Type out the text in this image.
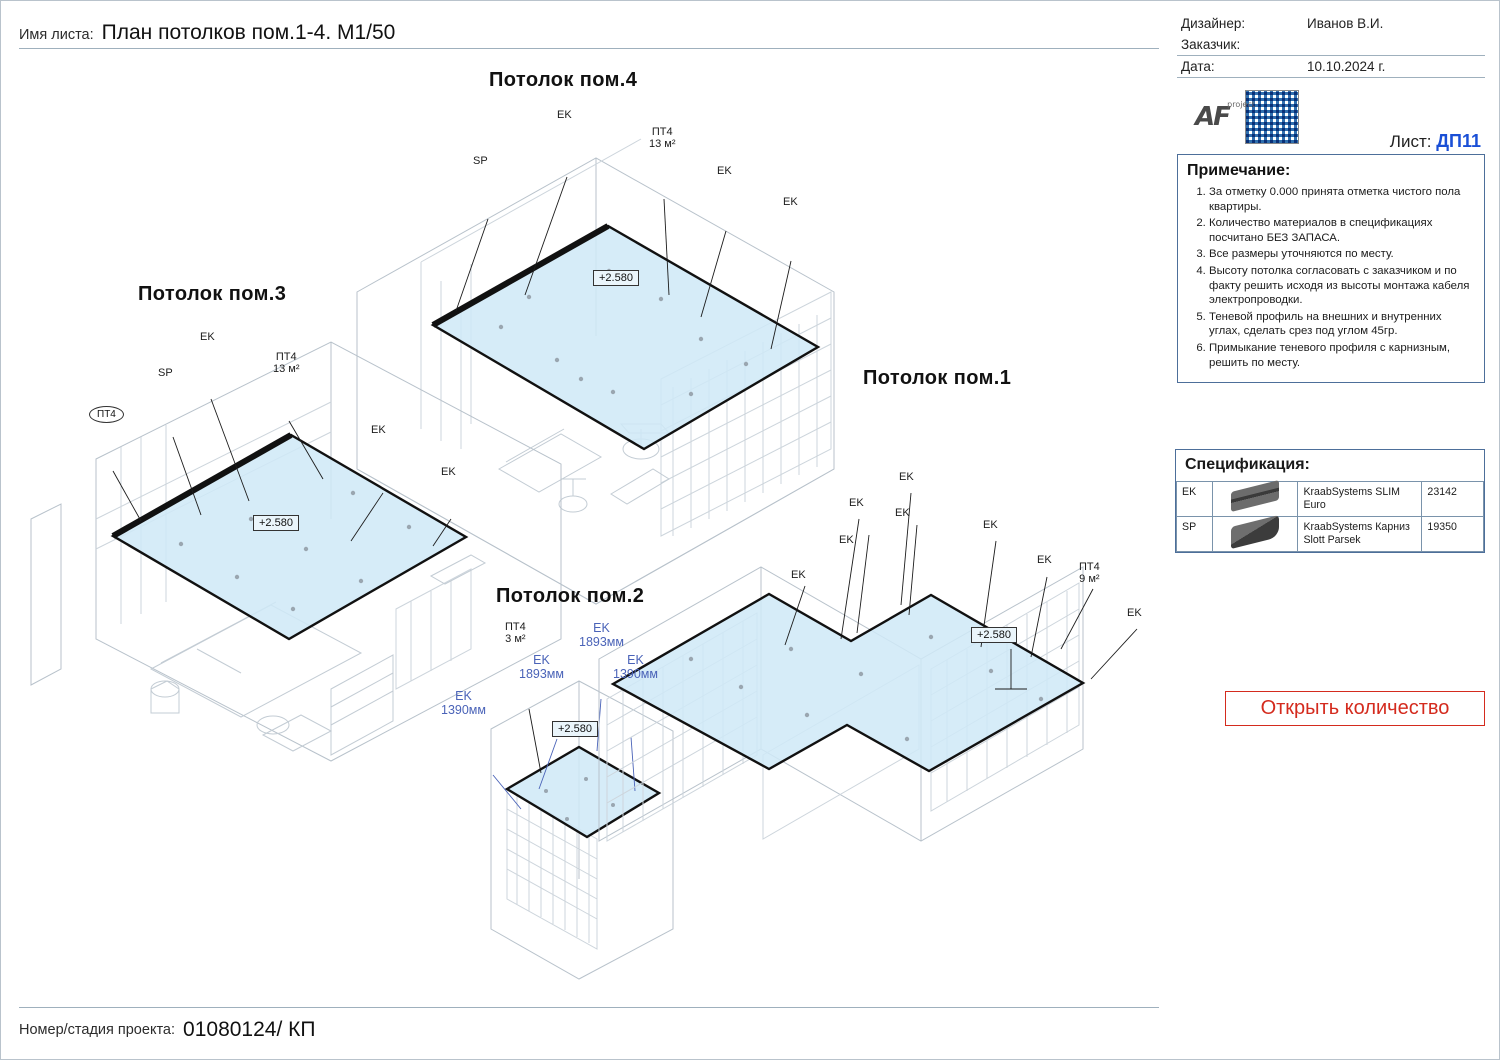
Имя листа: План потолков пом.1-4. М1/50
Номер/стадия проекта: 01080124/ КП
Дизайнер:	Иванов В.И.
Заказчик:	
Дата:	10.10.2024 г.
AF
project
Лист: ДП11
Примечание:
1. За отметку 0.000 принята отметка чистого пола квартиры.
2. Количество материалов в спецификациях посчитано БЕЗ ЗАПАСА.
3. Все размеры уточняются по месту.
4. Высоту потолка согласовать с заказчиком и по факту решить исходя из высоты монтажа кабеля электропроводки.
5. Теневой профиль на внешних и внутренних углах, сделать срез под углом 45гр.
6. Примыкание теневого профиля с карнизным, решить по месту.
Спецификация:
EK		KraabSystems SLIM Euro	23142
SP		KraabSystems Карниз Slott Parsek	19350
Открыть количество
Потолок пом.4
Потолок пом.3
Потолок пом.2
Потолок пом.1
EK
SP
ПТ4
13 м²
EK
EK
+2.580
EK
SP
ПТ4
13 м²
EK
EK
ПТ4
+2.580
ПТ4
3 м²
EK
1893мм
EK
1893мм
EK
1390мм
EK
1390мм
+2.580
EK
EK
EK
EK
EK
EK
EK
EK
ПТ4
9 м²
+2.580
